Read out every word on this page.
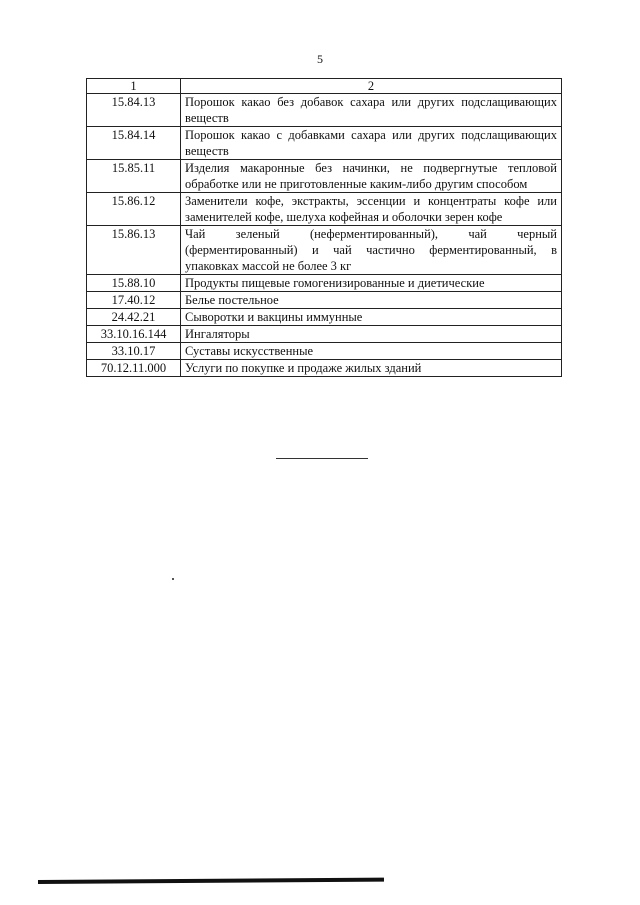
5
1	2
15.84.13	Порошок какао без добавок сахара или других подслащивающих веществ
15.84.14	Порошок какао с добавками сахара или других подслащивающих веществ
15.85.11	Изделия макаронные без начинки, не подвергнутые тепловой обработке или не приготовленные каким-либо другим способом
15.86.12	Заменители кофе, экстракты, эссенции и концентраты кофе или заменителей кофе, шелуха кофейная и оболочки зерен кофе
15.86.13	Чай зеленый (неферментированный), чай черный (ферментированный) и чай частично ферментированный, в упаковках массой не более 3 кг
15.88.10	Продукты пищевые гомогенизированные и диетические
17.40.12	Белье постельное
24.42.21	Сыворотки и вакцины иммунные
33.10.16.144	Ингаляторы
33.10.17	Суставы искусственные
70.12.11.000	Услуги по покупке и продаже жилых зданий
